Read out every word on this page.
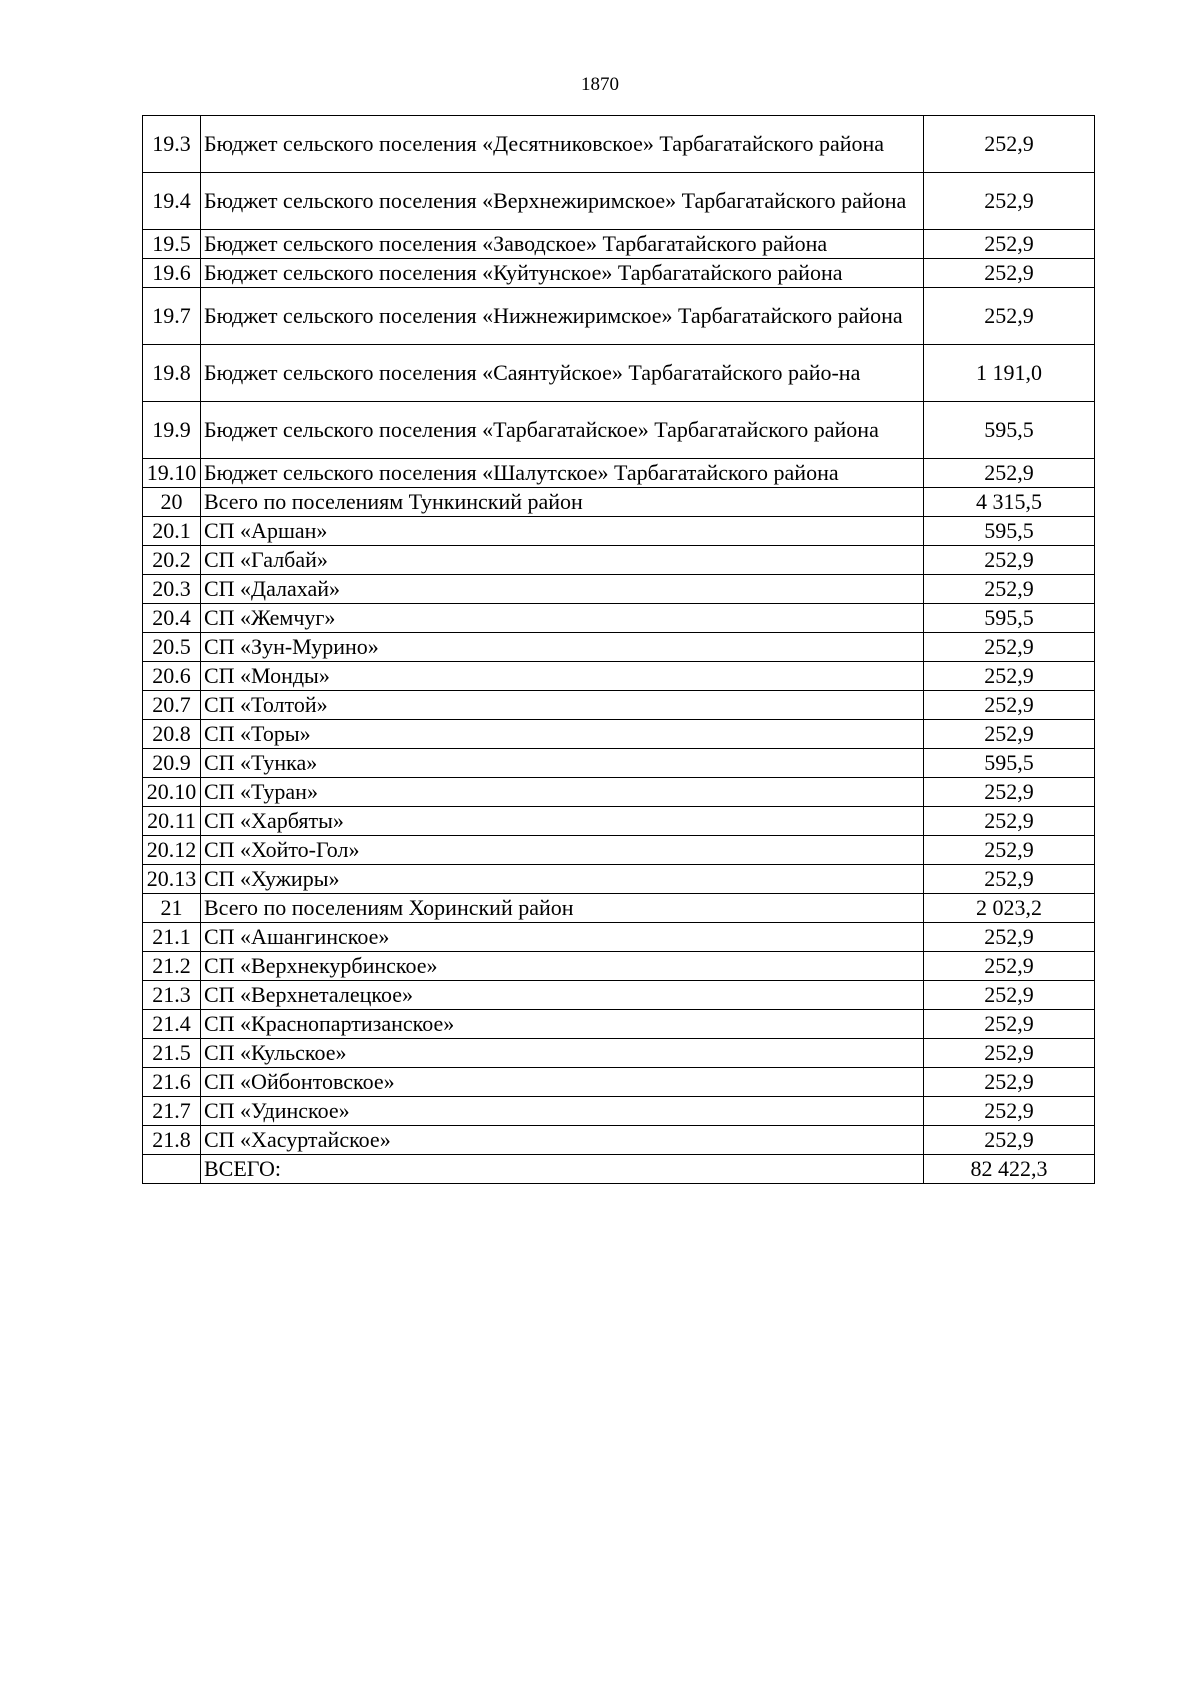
1870
19.3	Бюджет сельского поселения «Десятниковское» Тарбагатайского района	252,9
19.4	Бюджет сельского поселения «Верхнежиримское» Тарбагатайского района	252,9
19.5	Бюджет сельского поселения «Заводское» Тарбагатайского района	252,9
19.6	Бюджет сельского поселения «Куйтунское» Тарбагатайского района	252,9
19.7	Бюджет сельского поселения «Нижнежиримское» Тарбагатайского района	252,9
19.8	Бюджет сельского поселения «Саянтуйское» Тарбагатайского райо-на	1 191,0
19.9	Бюджет сельского поселения «Тарбагатайское» Тарбагатайского района	595,5
19.10	Бюджет сельского поселения «Шалутское» Тарбагатайского района	252,9
20	Всего по поселениям Тункинский район	4 315,5
20.1	СП «Аршан»	595,5
20.2	СП «Галбай»	252,9
20.3	СП «Далахай»	252,9
20.4	СП «Жемчуг»	595,5
20.5	СП «Зун-Мурино»	252,9
20.6	СП «Монды»	252,9
20.7	СП «Толтой»	252,9
20.8	СП «Торы»	252,9
20.9	СП «Тунка»	595,5
20.10	СП «Туран»	252,9
20.11	СП «Харбяты»	252,9
20.12	СП «Хойто-Гол»	252,9
20.13	СП «Хужиры»	252,9
21	Всего по поселениям Хоринский район	2 023,2
21.1	СП «Ашангинское»	252,9
21.2	СП «Верхнекурбинское»	252,9
21.3	СП «Верхнеталецкое»	252,9
21.4	СП «Краснопартизанское»	252,9
21.5	СП «Кульское»	252,9
21.6	СП «Ойбонтовское»	252,9
21.7	СП «Удинское»	252,9
21.8	СП «Хасуртайское»	252,9
	ВСЕГО:	82 422,3
